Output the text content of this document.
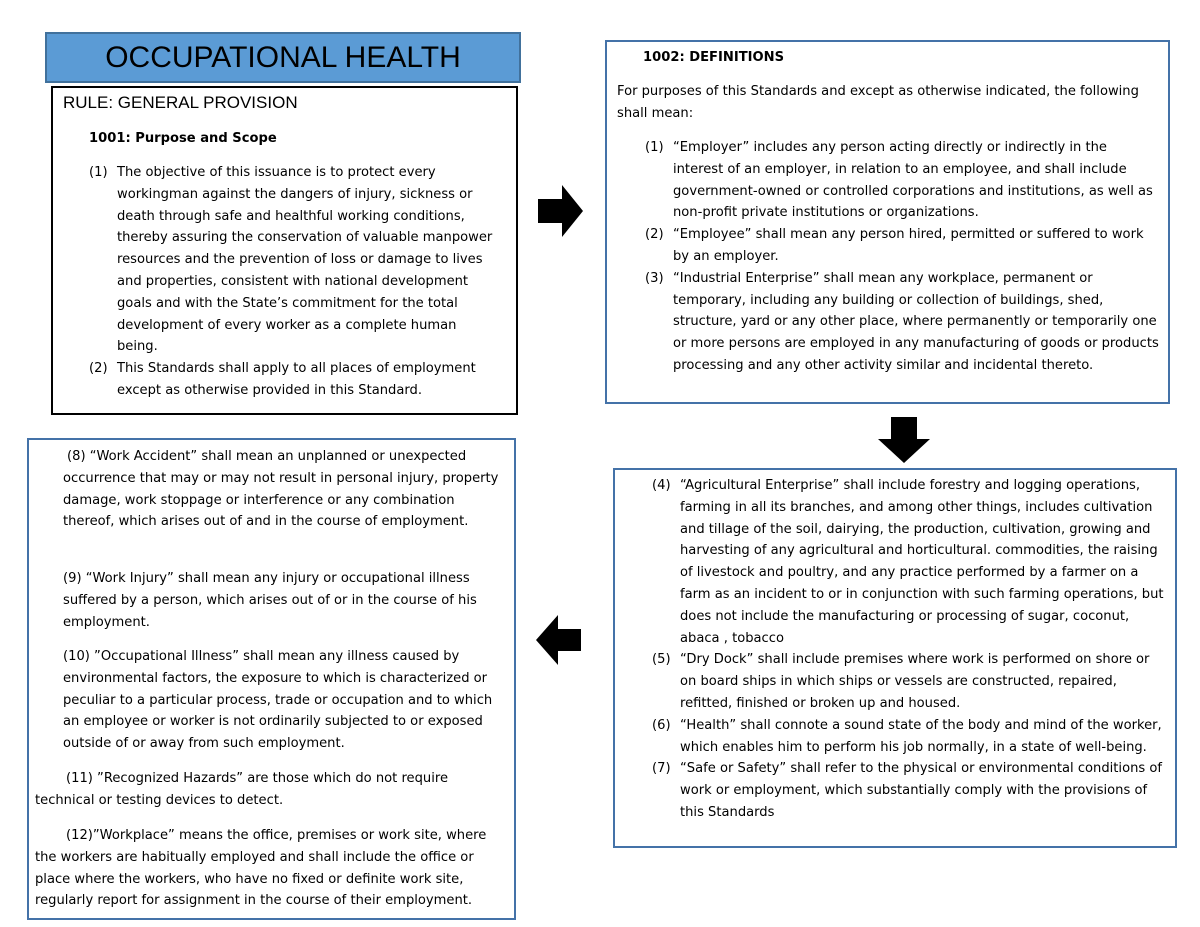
OCCUPATIONAL HEALTH
RULE: GENERAL PROVISION
1001: Purpose and Scope
(1) The objective of this issuance is to protect every workingman against the dangers of injury, sickness or death through safe and healthful working conditions, thereby assuring the conservation of valuable manpower resources and the prevention of loss or damage to lives and properties, consistent with national development goals and with the State’s commitment for the total development of every worker as a complete human being.
(2) This Standards shall apply to all places of employment except as otherwise provided in this Standard.
1002: DEFINITIONS
For purposes of this Standards and except as otherwise indicated, the following shall mean:
(1) “Employer” includes any person acting directly or indirectly in the interest of an employer, in relation to an employee, and shall include government-owned or controlled corporations and institutions, as well as non-profit private institutions or organizations.
(2) “Employee” shall mean any person hired, permitted or suffered to work by an employer.
(3) “Industrial Enterprise” shall mean any workplace, permanent or temporary, including any building or collection of buildings, shed, structure, yard or any other place, where permanently or temporarily one or more persons are employed in any manufacturing of goods or products processing and any other activity similar and incidental thereto.
(4) “Agricultural Enterprise” shall include forestry and logging operations, farming in all its branches, and among other things, includes cultivation and tillage of the soil, dairying, the production, cultivation, growing and harvesting of any agricultural and horticultural. commodities, the raising of livestock and poultry, and any practice performed by a farmer on a farm as an incident to or in conjunction with such farming operations, but does not include the manufacturing or processing of sugar, coconut, abaca , tobacco
(5) “Dry Dock” shall include premises where work is performed on shore or on board ships in which ships or vessels are constructed, repaired, refitted, finished or broken up and housed.
(6) “Health” shall connote a sound state of the body and mind of the worker, which enables him to perform his job normally, in a state of well-being.
(7) “Safe or Safety” shall refer to the physical or environmental conditions of work or employment, which substantially comply with the provisions of this Standards

(8) “Work Accident” shall mean an unplanned or unexpected occurrence that may or may not result in personal injury, property damage, work stoppage or interference or any combination thereof, which arises out of and in the course of employment.

(9) “Work Injury” shall mean any injury or occupational illness suffered by a person, which arises out of or in the course of his employment.

(10) ”Occupational Illness” shall mean any illness caused by environmental factors, the exposure to which is characterized or peculiar to a particular process, trade or occupation and to which an employee or worker is not ordinarily subjected to or exposed outside of or away from such employment.

(11) ”Recognized Hazards” are those which do not require technical or testing devices to detect.

(12)”Workplace” means the office, premises or work site, where the workers are habitually employed and shall include the office or place where the workers, who have no fixed or definite work site, regularly report for assignment in the course of their employment.
